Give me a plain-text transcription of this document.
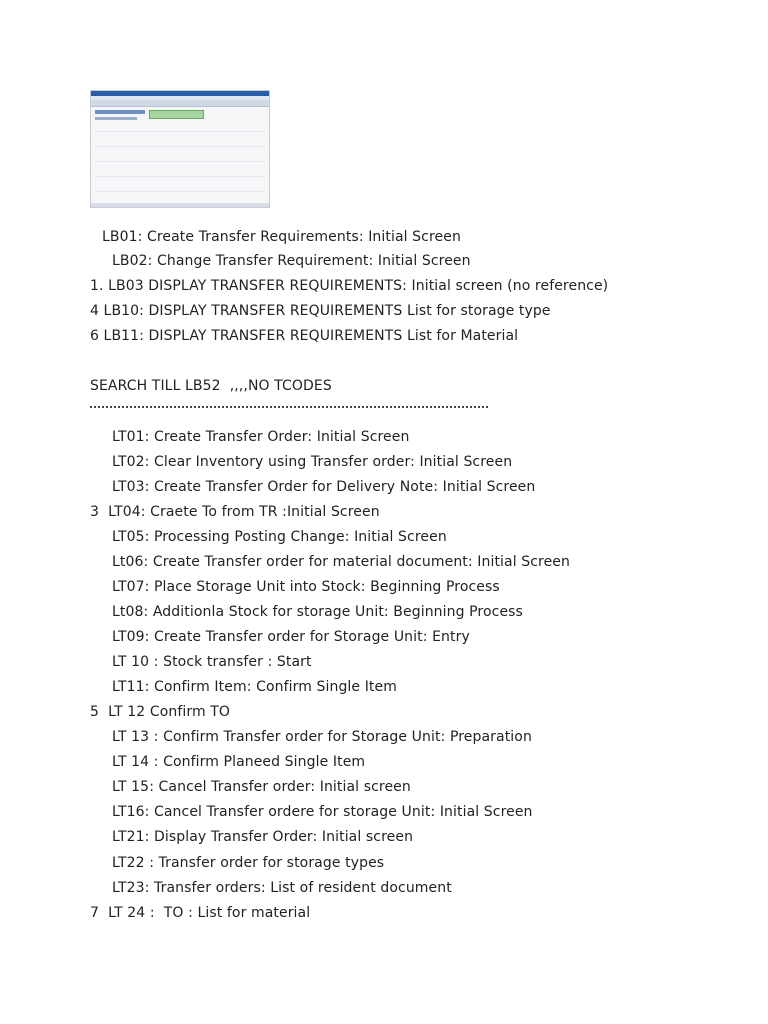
LB01: Create Transfer Requirements: Initial Screen
LB02: Change Transfer Requirement: Initial Screen
1. LB03 DISPLAY TRANSFER REQUIREMENTS: Initial screen (no reference)
4 LB10: DISPLAY TRANSFER REQUIREMENTS List for storage type
6 LB11: DISPLAY TRANSFER REQUIREMENTS List for Material
SEARCH TILL LB52  ,,,,NO TCODES
LT01: Create Transfer Order: Initial Screen
LT02: Clear Inventory using Transfer order: Initial Screen
LT03: Create Transfer Order for Delivery Note: Initial Screen
3  LT04: Craete To from TR :Initial Screen
LT05: Processing Posting Change: Initial Screen
Lt06: Create Transfer order for material document: Initial Screen
LT07: Place Storage Unit into Stock: Beginning Process
Lt08: Additionla Stock for storage Unit: Beginning Process
LT09: Create Transfer order for Storage Unit: Entry
LT 10 : Stock transfer : Start
LT11: Confirm Item: Confirm Single Item
5  LT 12 Confirm TO
LT 13 : Confirm Transfer order for Storage Unit: Preparation
LT 14 : Confirm Planeed Single Item
LT 15: Cancel Transfer order: Initial screen
LT16: Cancel Transfer ordere for storage Unit: Initial Screen
LT21: Display Transfer Order: Initial screen
LT22 : Transfer order for storage types
LT23: Transfer orders: List of resident document
7  LT 24 :  TO : List for material
